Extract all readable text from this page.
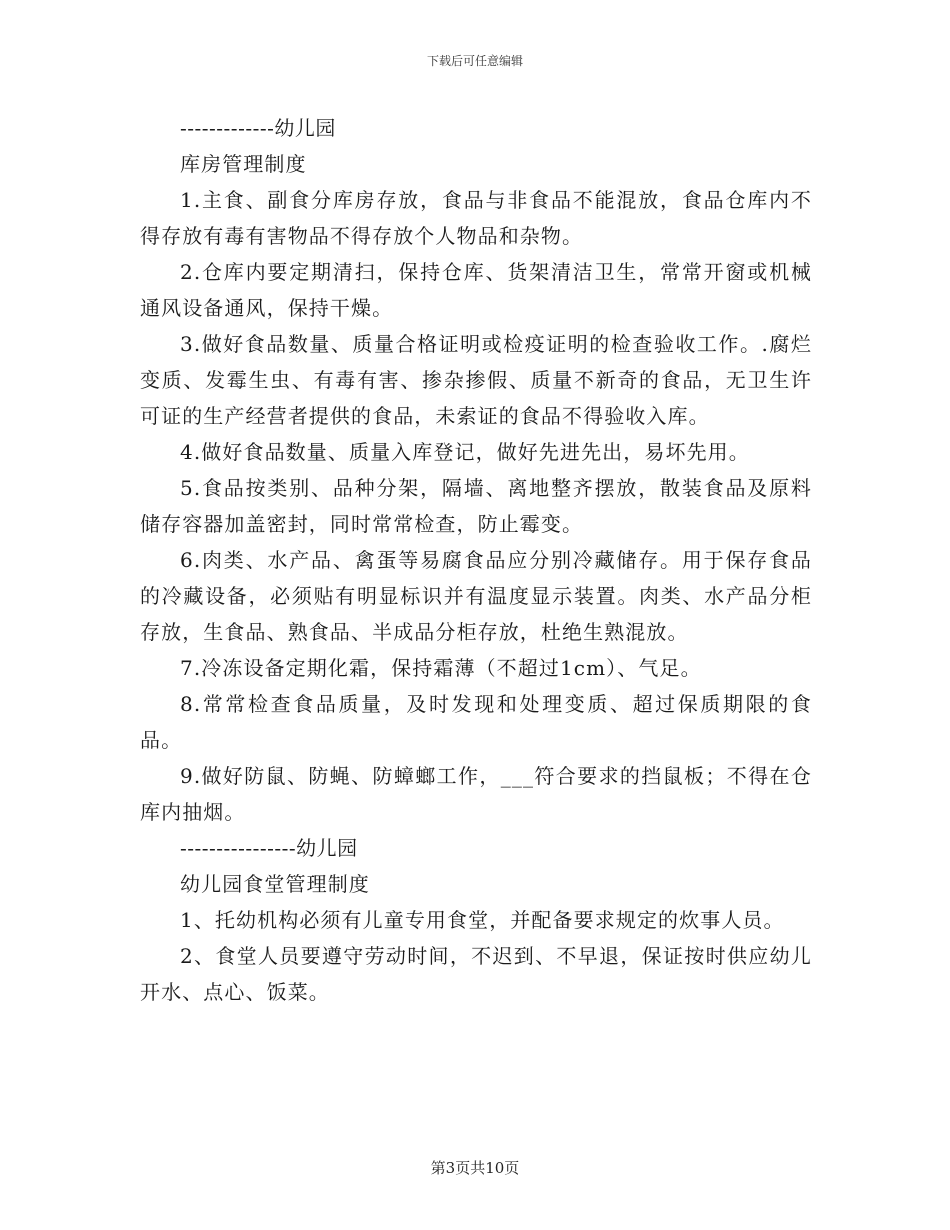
下载后可任意编辑

-------------幼儿园

库房管理制度

1.主食、副食分库房存放，食品与非食品不能混放，食品仓库内不得存放有毒有害物品不得存放个人物品和杂物。

2.仓库内要定期清扫，保持仓库、货架清洁卫生，常常开窗或机械通风设备通风，保持干燥。

3.做好食品数量、质量合格证明或检疫证明的检查验收工作。.腐烂变质、发霉生虫、有毒有害、掺杂掺假、质量不新奇的食品，无卫生许可证的生产经营者提供的食品，未索证的食品不得验收入库。

4.做好食品数量、质量入库登记，做好先进先出，易坏先用。

5.食品按类别、品种分架，隔墙、离地整齐摆放，散装食品及原料储存容器加盖密封，同时常常检查，防止霉变。

6.肉类、水产品、禽蛋等易腐食品应分别冷藏储存。用于保存食品的冷藏设备，必须贴有明显标识并有温度显示装置。肉类、水产品分柜存放，生食品、熟食品、半成品分柜存放，杜绝生熟混放。

7.冷冻设备定期化霜，保持霜薄（不超过1cm）、气足。

8.常常检查食品质量，及时发现和处理变质、超过保质期限的食品。

9.做好防鼠、防蝇、防蟑螂工作，___符合要求的挡鼠板；不得在仓库内抽烟。

----------------幼儿园

幼儿园食堂管理制度

1、托幼机构必须有儿童专用食堂，并配备要求规定的炊事人员。

2、食堂人员要遵守劳动时间，不迟到、不早退，保证按时供应幼儿开水、点心、饭菜。

第3页共10页
